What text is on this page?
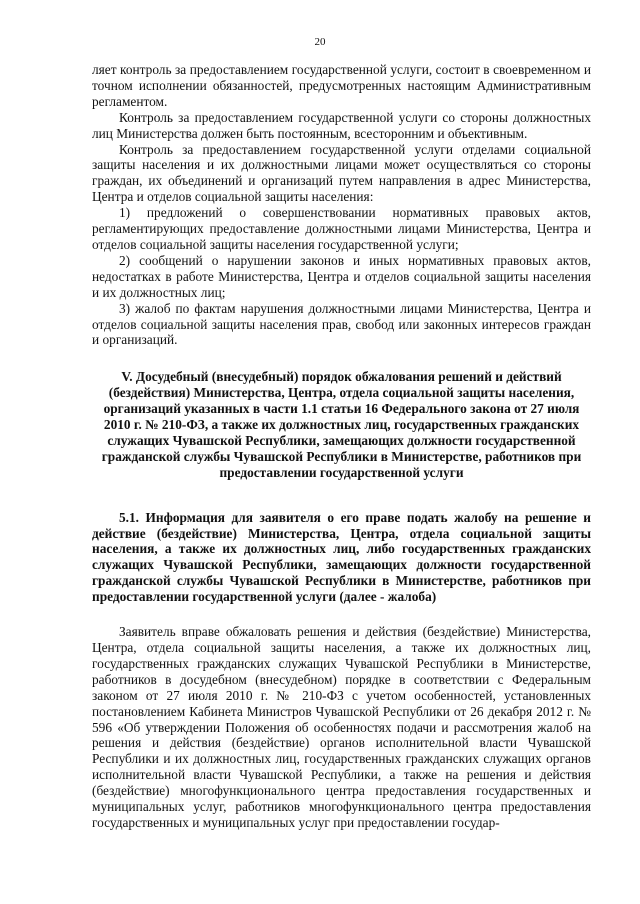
20

ляет контроль за предоставлением государственной услуги, состоит в своевременном и точном исполнении обязанностей, предусмотренных настоящим Административным регламентом.

Контроль за предоставлением государственной услуги со стороны должностных лиц Министерства должен быть постоянным, всесторонним и объективным.

Контроль за предоставлением государственной услуги отделами социальной защиты населения и их должностными лицами может осуществляться со стороны граждан, их объединений и организаций путем направления в адрес Министерства, Центра и отделов социальной защиты населения:

1) предложений о совершенствовании нормативных правовых актов, регламентирующих предоставление должностными лицами Министерства, Центра и отделов социальной защиты населения государственной услуги;

2) сообщений о нарушении законов и иных нормативных правовых актов, недостатках в работе Министерства, Центра и отделов социальной защиты населения и их должностных лиц;

3) жалоб по фактам нарушения должностными лицами Министерства, Центра и отделов социальной защиты населения прав, свобод или законных интересов граждан и организаций.

V. Досудебный (внесудебный) порядок обжалования решений и действий (бездействия) Министерства, Центра, отдела социальной защиты населения, организаций указанных в части 1.1 статьи 16 Федерального закона от 27 июля 2010 г. № 210-ФЗ, а также их должностных лиц, государственных гражданских служащих Чувашской Республики, замещающих должности государственной гражданской службы Чувашской Республики в Министерстве, работников при предоставлении государственной услуги
5.1. Информация для заявителя о его праве подать жалобу на решение и действие (бездействие) Министерства, Центра, отдела социальной защиты населения, а также их должностных лиц, либо государственных гражданских служащих Чувашской Республики, замещающих должности государственной гражданской службы Чувашской Республики в Министерстве, работников при предоставлении государственной услуги (далее - жалоба)

Заявитель вправе обжаловать решения и действия (бездействие) Министерства, Центра, отдела социальной защиты населения, а также их должностных лиц, государственных гражданских служащих Чувашской Республики в Министерстве, работников в досудебном (внесудебном) порядке в соответствии с Федеральным законом от 27 июля 2010 г. № 210-ФЗ с учетом особенностей, установленных постановлением Кабинета Министров Чувашской Республики от 26 декабря 2012 г. № 596 «Об утверждении Положения об особенностях подачи и рассмотрения жалоб на решения и действия (бездействие) органов исполнительной власти Чувашской Республики и их должностных лиц, государственных гражданских служащих органов исполнительной власти Чувашской Республики, а также на решения и действия (бездействие) многофункционального центра предоставления государственных и муниципальных услуг, работников многофункционального центра предоставления государственных и муниципальных услуг при предоставлении государ-
